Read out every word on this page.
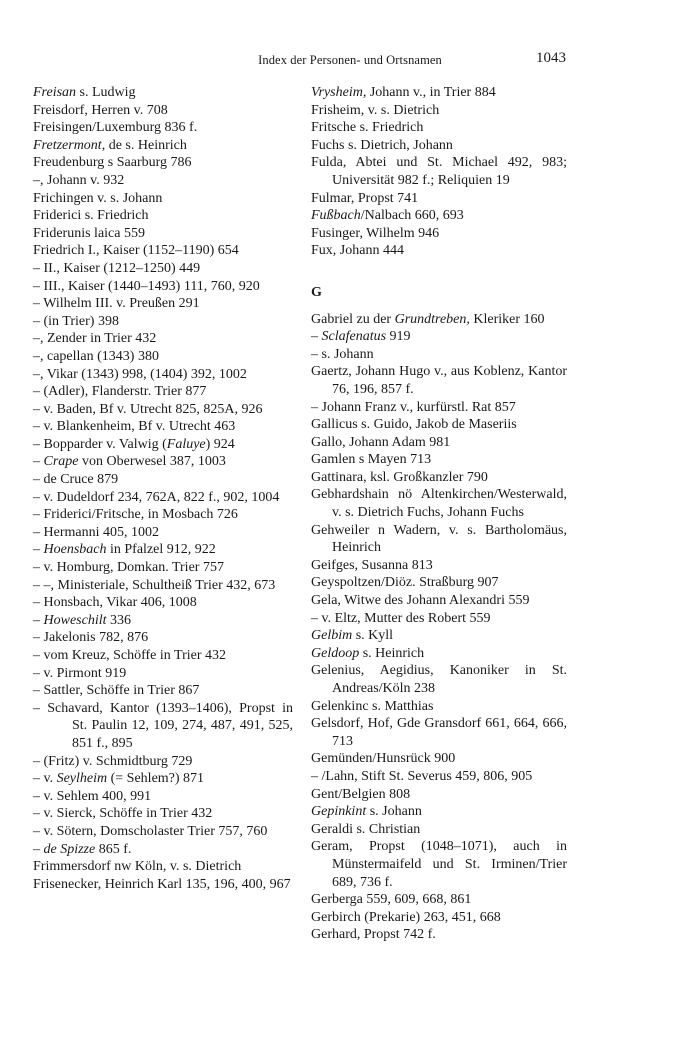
Index der Personen- und Ortsnamen	1043

Freisan s. Ludwig

Freisdorf, Herren v. 708

Freisingen/Luxemburg 836 f.

Fretzermont, de s. Heinrich

Freudenburg s Saarburg 786

–, Johann v. 932

Frichingen v. s. Johann

Friderici s. Friedrich

Friderunis laica 559

Friedrich I., Kaiser (1152–1190) 654

– II., Kaiser (1212–1250) 449

– III., Kaiser (1440–1493) 111, 760, 920

– Wilhelm III. v. Preußen 291

– (in Trier) 398

–, Zender in Trier 432

–, capellan (1343) 380

–, Vikar (1343) 998, (1404) 392, 1002

– (Adler), Flanderstr. Trier 877

– v. Baden, Bf v. Utrecht 825, 825A, 926

– v. Blankenheim, Bf v. Utrecht 463

– Bopparder v. Valwig (Faluye) 924

– Crape von Oberwesel 387, 1003

– de Cruce 879

– v. Dudeldorf 234, 762A, 822 f., 902, 1004

– Friderici/Fritsche, in Mosbach 726

– Hermanni 405, 1002

– Hoensbach in Pfalzel 912, 922

– v. Homburg, Domkan. Trier 757

– –, Ministeriale, Schultheiß Trier 432, 673

– Honsbach, Vikar 406, 1008

– Howeschilt 336

– Jakelonis 782, 876

– vom Kreuz, Schöffe in Trier 432

– v. Pirmont 919

– Sattler, Schöffe in Trier 867

– Schavard, Kantor (1393–1406), Propst in St. Paulin 12, 109, 274, 487, 491, 525, 851 f., 895

– (Fritz) v. Schmidtburg 729

– v. Seylheim (= Sehlem?) 871

– v. Sehlem 400, 991

– v. Sierck, Schöffe in Trier 432

– v. Sötern, Domscholaster Trier 757, 760

– de Spizze 865 f.

Frimmersdorf nw Köln, v. s. Dietrich

Frisenecker, Heinrich Karl 135, 196, 400, 967

Vrysheim, Johann v., in Trier 884

Frisheim, v. s. Dietrich

Fritsche s. Friedrich

Fuchs s. Dietrich, Johann

Fulda, Abtei und St. Michael 492, 983; Universität 982 f.; Reliquien 19

Fulmar, Propst 741

Fußbach/Nalbach 660, 693

Fusinger, Wilhelm 946

Fux, Johann 444

G

Gabriel zu der Grundtreben, Kleriker 160

– Sclafenatus 919

– s. Johann

Gaertz, Johann Hugo v., aus Koblenz, Kantor 76, 196, 857 f.

– Johann Franz v., kurfürstl. Rat 857

Gallicus s. Guido, Jakob de Maseriis

Gallo, Johann Adam 981

Gamlen s Mayen 713

Gattinara, ksl. Großkanzler 790

Gebhardshain nö Altenkirchen/Westerwald, v. s. Dietrich Fuchs, Johann Fuchs

Gehweiler n Wadern, v. s. Bartholomäus, Heinrich

Geifges, Susanna 813

Geyspoltzen/Diöz. Straßburg 907

Gela, Witwe des Johann Alexandri 559

– v. Eltz, Mutter des Robert 559

Gelbim s. Kyll

Geldoop s. Heinrich

Gelenius, Aegidius, Kanoniker in St. Andreas/Köln 238

Gelenkinc s. Matthias

Gelsdorf, Hof, Gde Gransdorf 661, 664, 666, 713

Gemünden/Hunsrück 900

– /Lahn, Stift St. Severus 459, 806, 905

Gent/Belgien 808

Gepinkint s. Johann

Geraldi s. Christian

Geram, Propst (1048–1071), auch in Münstermaifeld und St. Irminen/Trier 689, 736 f.

Gerberga 559, 609, 668, 861

Gerbirch (Prekarie) 263, 451, 668

Gerhard, Propst 742 f.
